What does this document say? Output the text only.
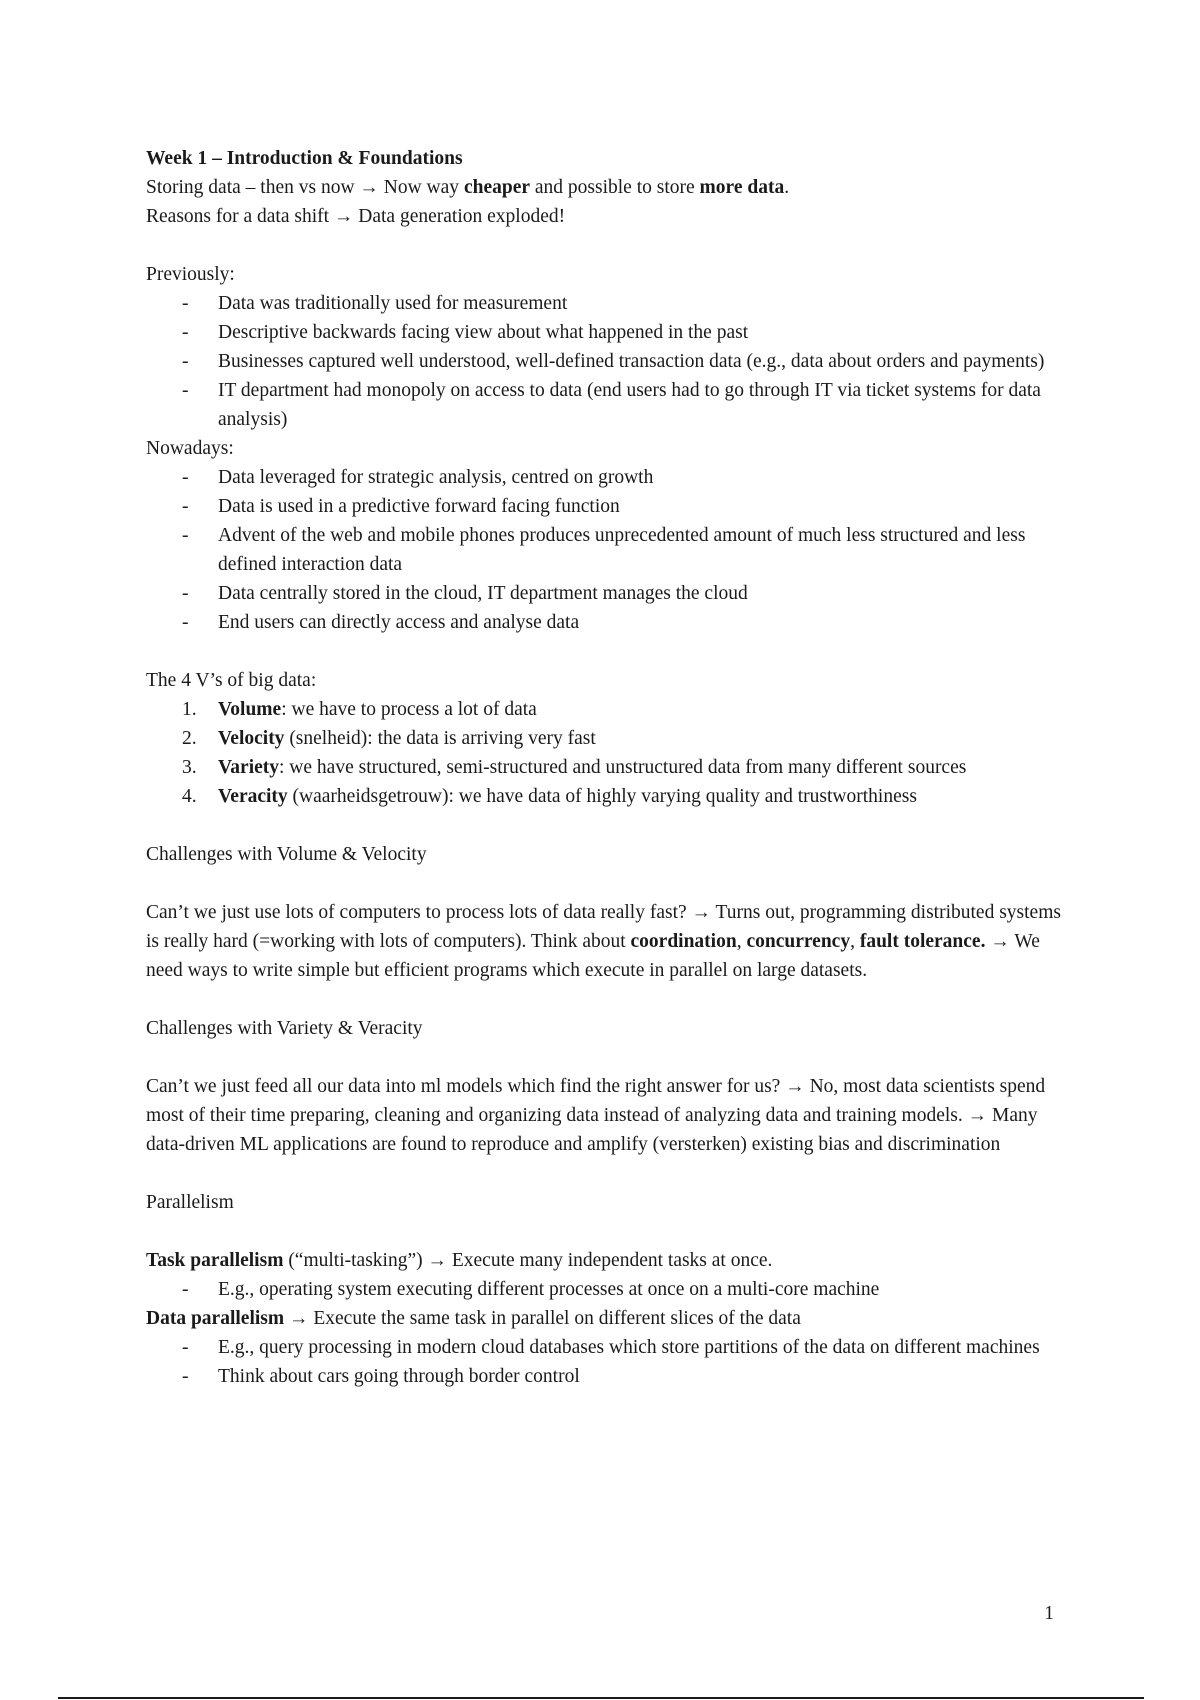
Week 1 – Introduction & Foundations

Storing data – then vs now → Now way cheaper and possible to store more data.

Reasons for a data shift → Data generation exploded!

Previously:

- Data was traditionally used for measurement
- Descriptive backwards facing view about what happened in the past
- Businesses captured well understood, well-defined transaction data (e.g., data about orders and payments)
- IT department had monopoly on access to data (end users had to go through IT via ticket systems for data analysis)

Nowadays:

- Data leveraged for strategic analysis, centred on growth
- Data is used in a predictive forward facing function
- Advent of the web and mobile phones produces unprecedented amount of much less structured and less defined interaction data
- Data centrally stored in the cloud, IT department manages the cloud
- End users can directly access and analyse data

The 4 V’s of big data:

1. Volume: we have to process a lot of data
2. Velocity (snelheid): the data is arriving very fast
3. Variety: we have structured, semi-structured and unstructured data from many different sources
4. Veracity (waarheidsgetrouw): we have data of highly varying quality and trustworthiness

Challenges with Volume & Velocity

Can’t we just use lots of computers to process lots of data really fast? → Turns out, programming distributed systems is really hard (=working with lots of computers). Think about coordination, concurrency, fault tolerance. → We need ways to write simple but efficient programs which execute in parallel on large datasets.

Challenges with Variety & Veracity

Can’t we just feed all our data into ml models which find the right answer for us? → No, most data scientists spend most of their time preparing, cleaning and organizing data instead of analyzing data and training models. → Many data-driven ML applications are found to reproduce and amplify (versterken) existing bias and discrimination

Parallelism

Task parallelism (“multi-tasking”) → Execute many independent tasks at once.

- E.g., operating system executing different processes at once on a multi-core machine

Data parallelism → Execute the same task in parallel on different slices of the data

- E.g., query processing in modern cloud databases which store partitions of the data on different machines
- Think about cars going through border control
1
